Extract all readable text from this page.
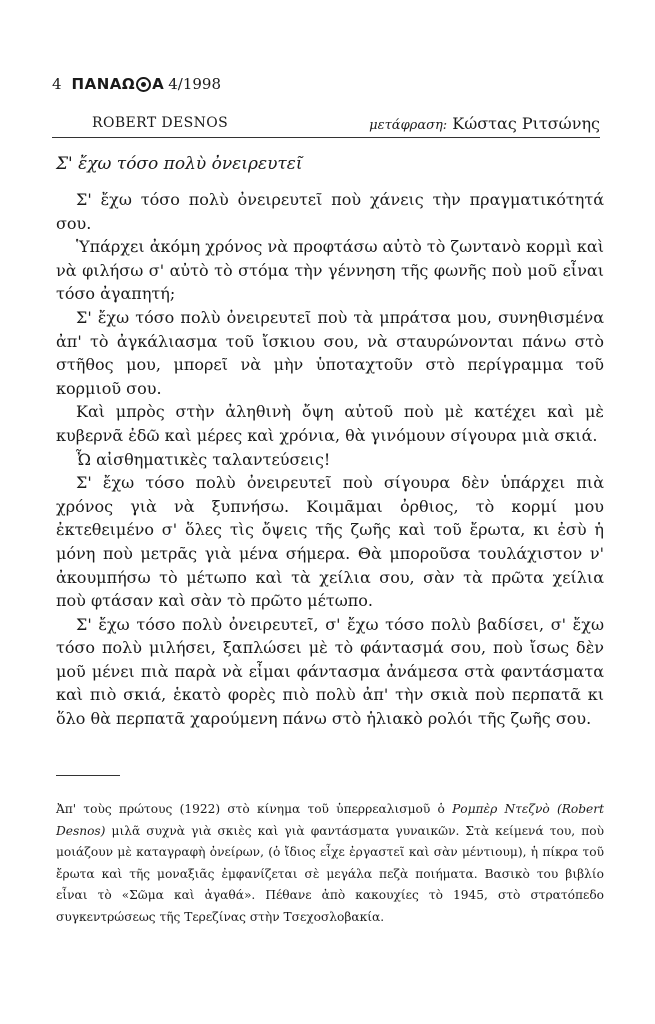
4 ΠΑΝΑΩ Α 4/1998
ROBERT DESNOS	μετάφραση: Κώστας Ριτσώνης
Σ' ἔχω τόσο πολὺ ὀνειρευτεῖ

Σ' ἔχω τόσο πολὺ ὀνειρευτεῖ ποὺ χάνεις τὴν πραγματικότητά σου.

Ὑπάρχει ἀκόμη χρόνος νὰ προφτάσω αὐτὸ τὸ ζωντανὸ κορμὶ καὶ νὰ φιλήσω σ' αὐτὸ τὸ στόμα τὴν γέννηση τῆς φωνῆς ποὺ μοῦ εἶναι τόσο ἀγαπητή;

Σ' ἔχω τόσο πολὺ ὀνειρευτεῖ ποὺ τὰ μπράτσα μου, συνηθισμένα ἀπ' τὸ ἀγκάλιασμα τοῦ ἴσκιου σου, νὰ σταυρώνονται πάνω στὸ στῆθος μου, μπορεῖ νὰ μὴν ὑποταχτοῦν στὸ περίγραμμα τοῦ κορμιοῦ σου.

Καὶ μπρὸς στὴν ἀληθινὴ ὄψη αὐτοῦ ποὺ μὲ κατέχει καὶ μὲ κυβερνᾶ ἐδῶ καὶ μέρες καὶ χρόνια, θὰ γινόμουν σίγουρα μιὰ σκιά.

Ὦ αἰσθηματικὲς ταλαντεύσεις!

Σ' ἔχω τόσο πολὺ ὀνειρευτεῖ ποὺ σίγουρα δὲν ὑπάρχει πιὰ χρόνος γιὰ νὰ ξυπνήσω. Κοιμᾶμαι ὀρθιος, τὸ κορμί μου ἐκτεθειμένο σ' ὅλες τὶς ὄψεις τῆς ζωῆς καὶ τοῦ ἔρωτα, κι ἐσὺ ἡ μόνη ποὺ μετρᾶς γιὰ μένα σήμερα. Θὰ μποροῦσα τουλάχιστον ν' ἀκουμπήσω τὸ μέτωπο καὶ τὰ χείλια σου, σὰν τὰ πρῶτα χείλια ποὺ φτάσαν καὶ σὰν τὸ πρῶτο μέτωπο.

Σ' ἔχω τόσο πολὺ ὀνειρευτεῖ, σ' ἔχω τόσο πολὺ βαδίσει, σ' ἔχω τόσο πολὺ μιλήσει, ξαπλώσει μὲ τὸ φάντασμά σου, ποὺ ἴσως δὲν μοῦ μένει πιὰ παρὰ νὰ εἶμαι φάντασμα ἀνάμεσα στὰ φαντάσματα καὶ πιὸ σκιά, ἑκατὸ φορὲς πιὸ πολὺ ἀπ' τὴν σκιὰ ποὺ περπατᾶ κι ὅλο θὰ περπατᾶ χαρούμενη πάνω στὸ ἡλιακὸ ρολόι τῆς ζωῆς σου.

Ἀπ' τοὺς πρώτους (1922) στὸ κίνημα τοῦ ὑπερρεαλισμοῦ ὁ Ρομπὲρ Ντεζνὸ (Robert Desnos) μιλᾶ συχνὰ γιὰ σκιὲς καὶ γιὰ φαντάσματα γυναικῶν. Στὰ κείμενά του, ποὺ μοιάζουν μὲ καταγραφὴ ὀνείρων, (ὁ ἴδιος εἶχε ἐργαστεῖ καὶ σὰν μέντιουμ), ἡ πίκρα τοῦ ἔρωτα καὶ τῆς μοναξιᾶς ἐμφανίζεται σὲ μεγάλα πεζὰ ποιήματα. Βασικὸ του βιβλίο εἶναι τὸ «Σῶμα καὶ ἀγαθά». Πέθανε ἀπὸ κακουχίες τὸ 1945, στὸ στρατόπεδο συγκεντρώσεως τῆς Τερεζίνας στὴν Τσεχοσλοβακία.
